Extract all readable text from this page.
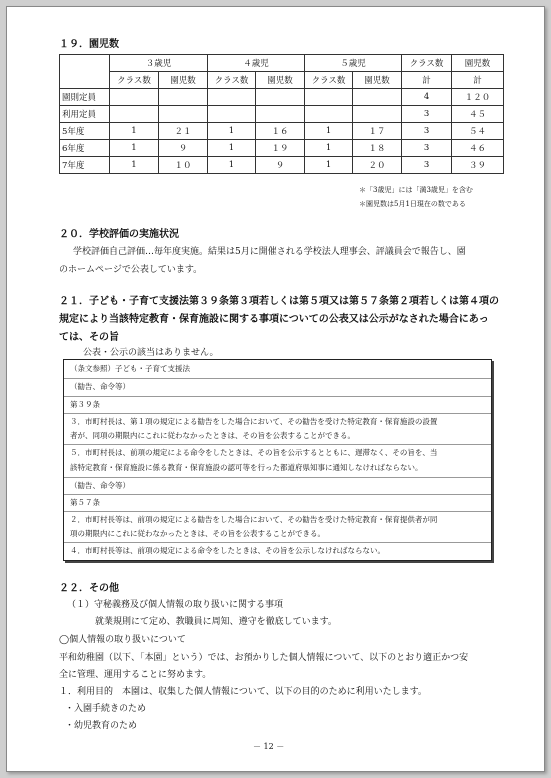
１９．園児数
	３歳児		４歳児		５歳児		クラス数	園児数
	クラス数	園児数	クラス数	園児数	クラス数	園児数	計	計
園則定員							4	１２０
利用定員							3	４５
5年度	1	２１	1	１６	1	１７	3	５４
6年度	1	９	1	１９	1	１８	3	４６
7年度	1	１０	1	９	1	２０	3	３９
＊「3歳児」には「満3歳児」を含む
＊園児数は5月1日現在の数である
２０．学校評価の実施状況
学校評価自己評価…毎年度実施。結果は5月に開催される学校法人理事会、評議員会で報告し、園
のホームページで公表しています。
２１．子ども・子育て支援法第３９条第３項若しくは第５項又は第５７条第２項若しくは第４項の
規定により当該特定教育・保育施設に関する事項についての公表又は公示がなされた場合にあっ
ては、その旨
公表・公示の該当はありません。
（条文参照）子ども・子育て支援法
（勧告、命令等）
第３９条
３．市町村長は、第１項の規定による勧告をした場合において、その勧告を受けた特定教育・保育施設の設置
者が、同項の期限内にこれに従わなかったときは、その旨を公表することができる。
５．市町村長は、前項の規定による命令をしたときは、その旨を公示するとともに、遅滞なく、その旨を、当
該特定教育・保育施設に係る教育・保育施設の認可等を行った都道府県知事に通知しなければならない。
（勧告、命令等）
第５７条
２．市町村長等は、前項の規定による勧告をした場合において、その勧告を受けた特定教育・保育提供者が同
項の期限内にこれに従わなかったときは、その旨を公表することができる。
４．市町村長等は、前項の規定による命令をしたときは、その旨を公示しなければならない。
２２．その他
（１）守秘義務及び個人情報の取り扱いに関する事項
就業規則にて定め、教職員に周知、遵守を徹底しています。
◯個人情報の取り扱いについて
平和幼稚園（以下、「本園」という）では、お預かりした個人情報について、以下のとおり適正かつ安
全に管理、運用することに努めます。
１．利用目的　本園は、収集した個人情報について、以下の目的のために利用いたします。
・入園手続きのため
・幼児教育のため
－ 12 －
